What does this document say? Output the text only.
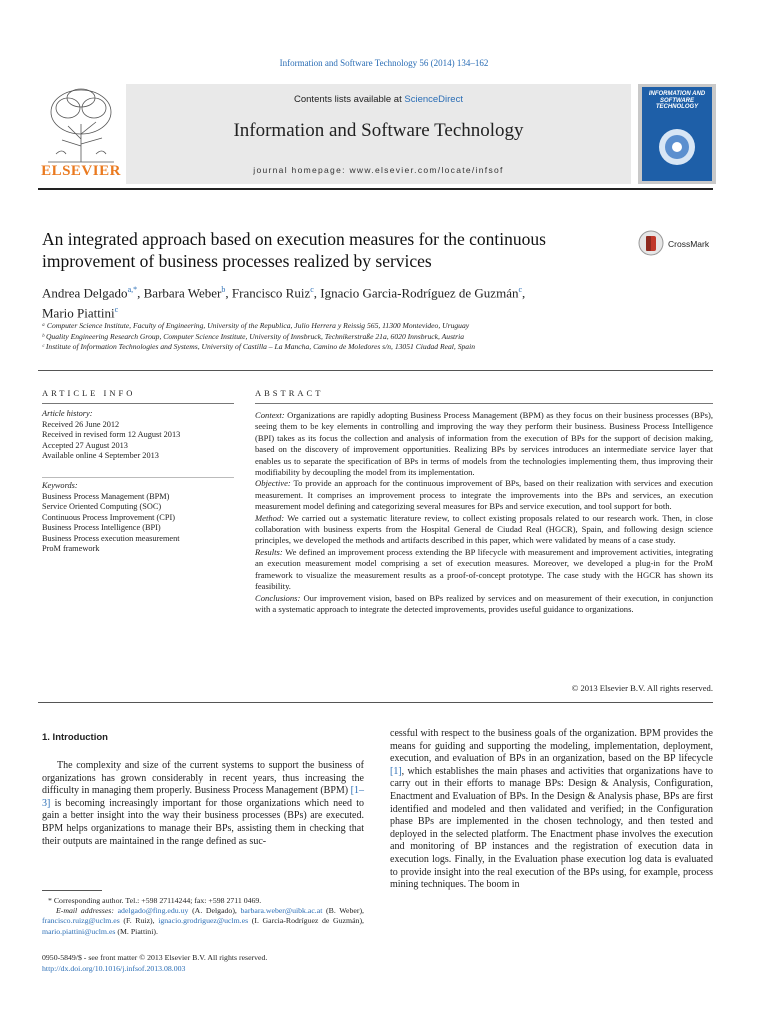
Information and Software Technology 56 (2014) 134–162
ELSEVIER
Contents lists available at ScienceDirect
Information and Software Technology
journal homepage: www.elsevier.com/locate/infsof
INFORMATION AND SOFTWARE TECHNOLOGY
An integrated approach based on execution measures for the continuous improvement of business processes realized by services
CrossMark
Andrea Delgado$^{a,*}$, Barbara Weber$^b$, Francisco Ruiz$^c$, Ignacio Garcia-Rodríguez de Guzmán$^c$,
Mario Piattini$^c$
ᵃ Computer Science Institute, Faculty of Engineering, University of the Republica, Julio Herrera y Reissig 565, 11300 Montevideo, Uruguay
ᵇ Quality Engineering Research Group, Computer Science Institute, University of Innsbruck, Technikerstraße 21a, 6020 Innsbruck, Austria
ᶜ Institute of Information Technologies and Systems, University of Castilla – La Mancha, Camino de Moledores s/n, 13051 Ciudad Real, Spain
ARTICLE INFO
Article history:
Received 26 June 2012
Received in revised form 12 August 2013
Accepted 27 August 2013
Available online 4 September 2013
Keywords:
Business Process Management (BPM)
Service Oriented Computing (SOC)
Continuous Process Improvement (CPI)
Business Process Intelligence (BPI)
Business Process execution measurement
ProM framework
ABSTRACT

Context: Organizations are rapidly adopting Business Process Management (BPM) as they focus on their business processes (BPs), seeing them to be key elements in controlling and improving the way they perform their business. Business Process Intelligence (BPI) takes as its focus the collection and analysis of information from the execution of BPs for the support of decision making, based on the discovery of improvement opportunities. Realizing BPs by services introduces an intermediate service layer that enables us to separate the specification of BPs in terms of models from the technologies implementing them, thus improving their modifiability by decoupling the model from its implementation.

Objective: To provide an approach for the continuous improvement of BPs, based on their realization with services and execution measurement. It comprises an improvement process to integrate the improvements into the BPs and services, an execution measurement model defining and categorizing several measures for BPs and service execution, and tool support for both.

Method: We carried out a systematic literature review, to collect existing proposals related to our research work. Then, in close collaboration with business experts from the Hospital General de Ciudad Real (HGCR), Spain, and following design science principles, we developed the methods and artifacts described in this paper, which were validated by means of a case study.

Results: We defined an improvement process extending the BP lifecycle with measurement and improvement activities, integrating an execution measurement model comprising a set of execution measures. Moreover, we developed a plug-in for the ProM framework to visualize the measurement results as a proof-of-concept prototype. The case study with the HGCR has shown its feasibility.

Conclusions: Our improvement vision, based on BPs realized by services and on measurement of their execution, in conjunction with a systematic approach to integrate the detected improvements, provides useful guidance to organizations.

© 2013 Elsevier B.V. All rights reserved.
1. Introduction
The complexity and size of the current systems to support the business of organizations has grown considerably in recent years, thus increasing the difficulty in managing them properly. Business Process Management (BPM) [1–3] is becoming increasingly important for those organizations which need to gain a better insight into the way their business processes (BPs) are executed. BPM helps organizations to manage their BPs, assisting them in checking that their outputs are maintained in the range defined as suc-
cessful with respect to the business goals of the organization. BPM provides the means for guiding and supporting the modeling, implementation, deployment, execution, and evaluation of BPs in an organization, based on the BP lifecycle [1], which establishes the main phases and activities that organizations have to carry out in their efforts to manage BPs: Design & Analysis, Configuration, Enactment and Evaluation of BPs. In the Design & Analysis phase, BPs are first identified and modeled and then validated and verified; in the Configuration phase BPs are implemented in the chosen technology, and then tested and deployed in the selected platform. The Enactment phase involves the execution and monitoring of BP instances and the registration of execution data in execution logs. Finally, in the Evaluation phase execution log data is evaluated to provide insight into the real execution of the BPs using, for example, process mining techniques. The boom in
* Corresponding author. Tel.: +598 27114244; fax: +598 2711 0469.
E-mail addresses: adelgado@fing.edu.uy (A. Delgado), barbara.weber@uibk.ac.at (B. Weber), francisco.ruizg@uclm.es (F. Ruiz), ignacio.grodriguez@uclm.es (I. Garcia-Rodríguez de Guzmán), mario.piattini@uclm.es (M. Piattini).
0950-5849/$ - see front matter © 2013 Elsevier B.V. All rights reserved.
http://dx.doi.org/10.1016/j.infsof.2013.08.003
